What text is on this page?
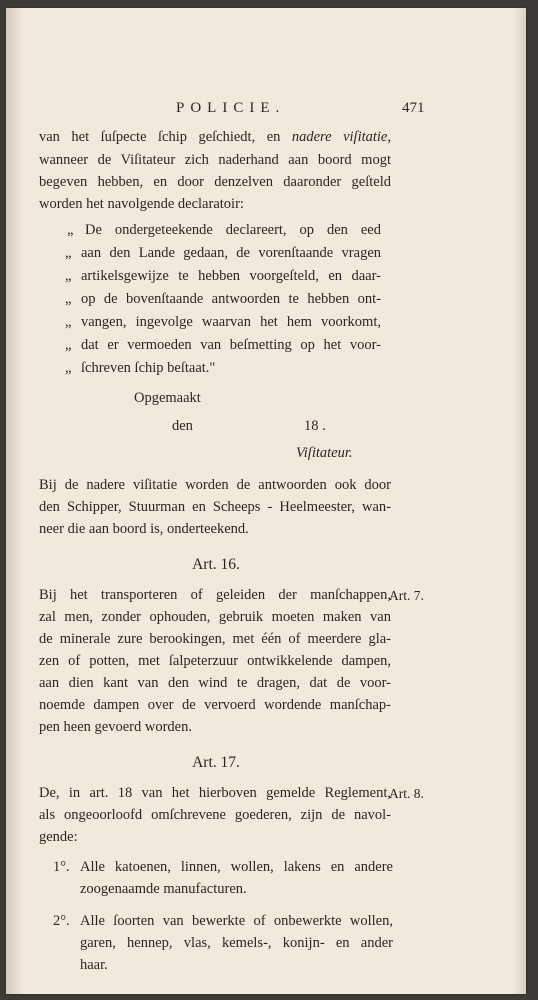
POLICIE.	471
van het ſuſpecte ſchip geſchiedt, en nadere viſitatie,
wanneer de Viſitateur zich naderhand aan boord mogt
begeven hebben, en door denzelven daaronder geſteld
worden het navolgende declaratoir:
„ De ondergeteekende declareert, op den eed
„ aan den Lande gedaan, de vorenſtaande vragen
„ artikelsgewijze te hebben voorgeſteld, en daar-
„ op de bovenſtaande antwoorden te hebben ont-
„ vangen, ingevolge waarvan het hem voorkomt,
„ dat er vermoeden van beſmetting op het voor-
„ ſchreven ſchip beſtaat."
Opgemaakt
den	18 .
Viſitateur.
Bij de nadere viſitatie worden de antwoorden ook door
den Schipper, Stuurman en Scheeps - Heelmeester, wan-
neer die aan boord is, onderteekend.
Art. 16.
Art. 7.
Bij het transporteren of geleiden der manſchappen,
zal men, zonder ophouden, gebruik moeten maken van
de minerale zure berookingen, met één of meerdere gla-
zen of potten, met ſalpeterzuur ontwikkelende dampen,
aan dien kant van den wind te dragen, dat de voor-
noemde dampen over de vervoerd wordende manſchap-
pen heen gevoerd worden.
Art. 17.
Art. 8.
De, in art. 18 van het hierboven gemelde Reglement,
als ongeoorloofd omſchrevene goederen, zijn de navol-
gende:
1°. Alle katoenen, linnen, wollen, lakens en andere
zoogenaamde manufacturen.
2°. Alle ſoorten van bewerkte of onbewerkte wollen,
garen, hennep, vlas, kemels-, konijn- en ander
haar.
